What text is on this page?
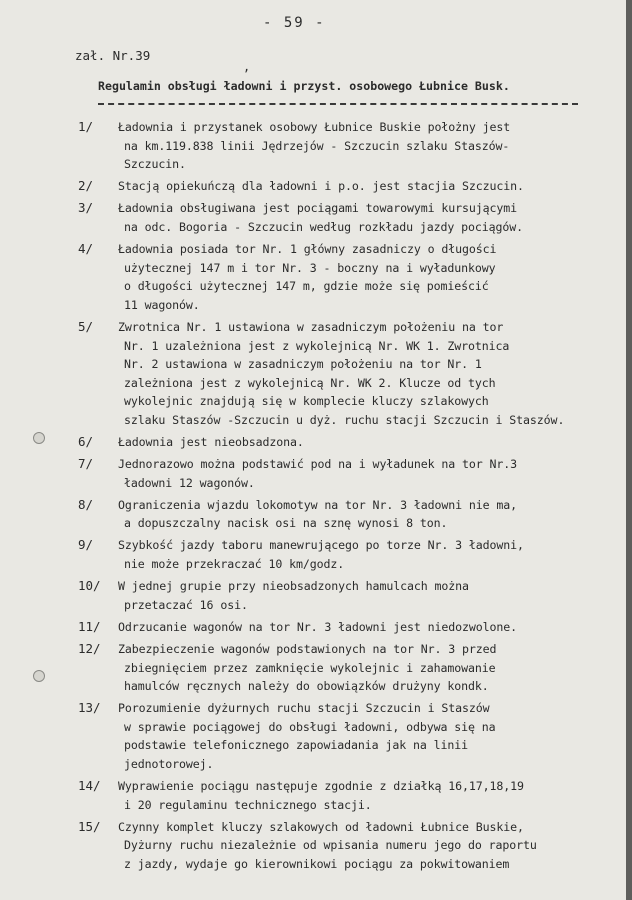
- 59 -
,
zał. Nr.39
Regulamin obsługi ładowni i przyst. osobowego Łubnice Busk.
1/	Ładownia i przystanek osobowy Łubnice Buskie położny jest
na km.119.838 linii Jędrzejów - Szczucin szlaku Staszów-
Szczucin.
2/	Stacją opiekuńczą dla ładowni i p.o. jest stacjia Szczucin.
3/	Ładownia obsługiwana jest pociągami towarowymi kursującymi
na odc. Bogoria - Szczucin według rozkładu jazdy pociągów.
4/	Ładownia posiada tor Nr. 1 główny zasadniczy o długości
użytecznej 147 m i tor Nr. 3 - boczny na i wyładunkowy
o długości użytecznej 147 m, gdzie może się pomieścić
11 wagonów.
5/	Zwrotnica Nr. 1 ustawiona w zasadniczym położeniu na tor
Nr. 1 uzależniona jest z wykolejnicą Nr. WK 1. Zwrotnica
Nr. 2 ustawiona w zasadniczym położeniu na tor Nr. 1
zależniona jest z wykolejnicą Nr. WK 2. Klucze od tych
wykolejnic znajdują się w komplecie kluczy szlakowych
szlaku Staszów -Szczucin u dyż. ruchu stacji Szczucin i Staszów.
6/	Ładownia jest nieobsadzona.
7/	Jednorazowo można podstawić pod na i wyładunek na tor Nr.3
ładowni 12 wagonów.
8/	Ograniczenia wjazdu lokomotyw na tor Nr. 3 ładowni nie ma,
a dopuszczalny nacisk osi na sznę wynosi 8 ton.
9/	Szybkość jazdy taboru manewrującego po torze Nr. 3 ładowni,
nie może przekraczać 10 km/godz.
10/	W jednej grupie przy nieobsadzonych hamulcach można
przetaczać 16 osi.
11/	Odrzucanie wagonów na tor Nr. 3 ładowni jest niedozwolone.
12/	Zabezpieczenie wagonów podstawionych na tor Nr. 3 przed
zbiegnięciem przez zamknięcie wykolejnic i zahamowanie
hamulców ręcznych należy do obowiązków drużyny kondk.
13/	Porozumienie dyżurnych ruchu stacji Szczucin i Staszów
w sprawie pociągowej do obsługi ładowni, odbywa się na
podstawie telefonicznego zapowiadania jak na linii
jednotorowej.
14/	Wyprawienie pociągu następuje zgodnie z działką 16,17,18,19
i 20 regulaminu technicznego stacji.
15/	Czynny komplet kluczy szlakowych od ładowni Łubnice Buskie,
Dyżurny ruchu niezależnie od wpisania numeru jego do raportu
z jazdy, wydaje go kierownikowi pociągu za pokwitowaniem
